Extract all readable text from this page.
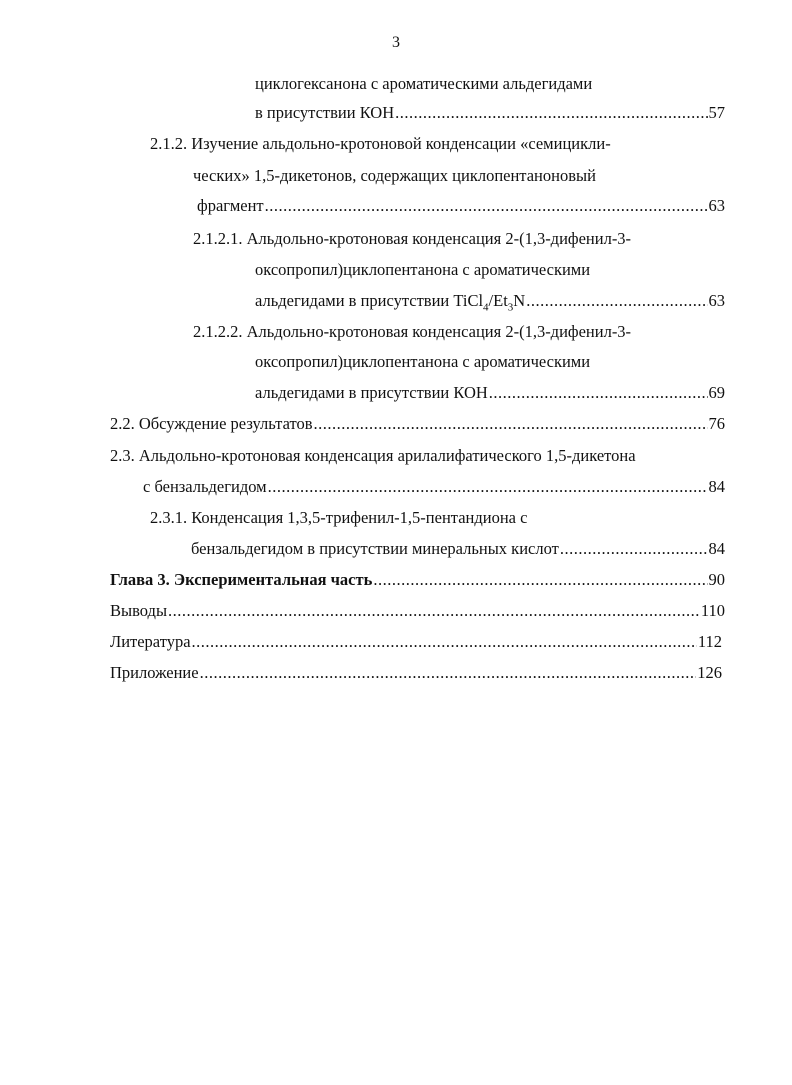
3
циклогексанона с ароматическими альдегидами
в присутствии КОН .....	57
2.1.2. Изучение альдольно-кротоновой конденсации «семицикли-
ческих» 1,5-дикетонов, содержащих циклопентаноновый
фрагмент .....	63
2.1.2.1. Альдольно-кротоновая конденсация 2-(1,3-дифенил-3-
оксопропил)циклопентанона с ароматическими
альдегидами в присутствии $TiCl_4/Et_3N$ .....	63
2.1.2.2. Альдольно-кротоновая конденсация 2-(1,3-дифенил-3-
оксопропил)циклопентанона с ароматическими
альдегидами в присутствии КОН .....	69
2.2. Обсуждение результатов .....	76
2.3. Альдольно-кротоновая конденсация арилалифатического 1,5-дикетона
с бензальдегидом .....	84
2.3.1. Конденсация 1,3,5-трифенил-1,5-пентандиона с
бензальдегидом в присутствии минеральных кислот .....	84
Глава 3. Экспериментальная часть .....	90
Выводы .....	110
Литература .....	112
Приложение .....	126
